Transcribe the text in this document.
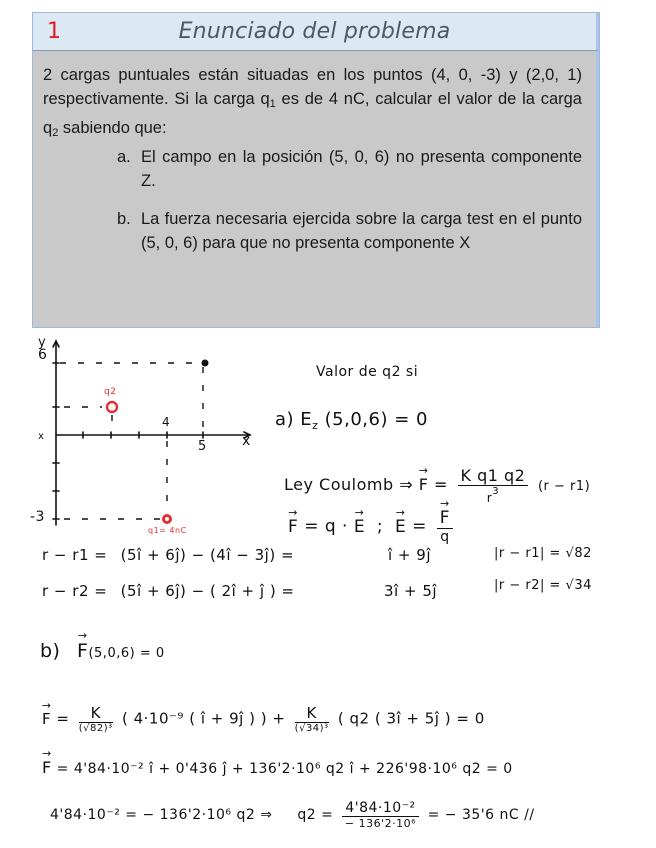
1	Enunciado del problema

2 cargas puntuales están situadas en los puntos (4, 0, -3) y (2,0, 1) respectivamente. Si la carga $q_1$ es de 4 nC, calcular el valor de la carga $q_2$ sabiendo que:

a. El campo en la posición (5, 0, 6) no presenta componente Z.
b. La fuerza necesaria ejercida sobre la carga test en el punto (5, 0, 6) para que no presenta componente X
x
y
6
-3
x
4
5
q2
q1= 4nC
Valor de q2 si
a) $E_z$ (5,0,6) = 0
Ley Coulomb ⇒ → $F = \frac{\text{K q1 q2}}{r^3} (r - r1)$
→ F = q · → E ; → E = → $\frac{F}{q}$
r − r1 = (5î + 6ĵ) − (4î − 3ĵ) =	î + 9ĵ	|r − r1| = √82
r − r2 = (5î + 6ĵ) − ( 2î + ĵ ) =	3î + 5ĵ	|r − r2| = √34
b) → F(5,0,6) = 0
→ $F = \frac{K}{\text{(√82)³}}$ ( 4·10⁻⁹ ( î + 9ĵ ) ) + $\frac{K}{\text{(√34)³}}$ ( q2 ( 3î + 5ĵ ) = 0
→ F = 4'84·10⁻² î + 0'436 ĵ + 136'2·10⁶ q2 î + 226'98·10⁶ q2 = 0
4'84·10⁻² = − 136'2·10⁶ q2 ⇒ $q2 = \frac{\text{4'84·10⁻²}}{\text{− 136'2·10⁶}}$ = − 35'6 nC //
